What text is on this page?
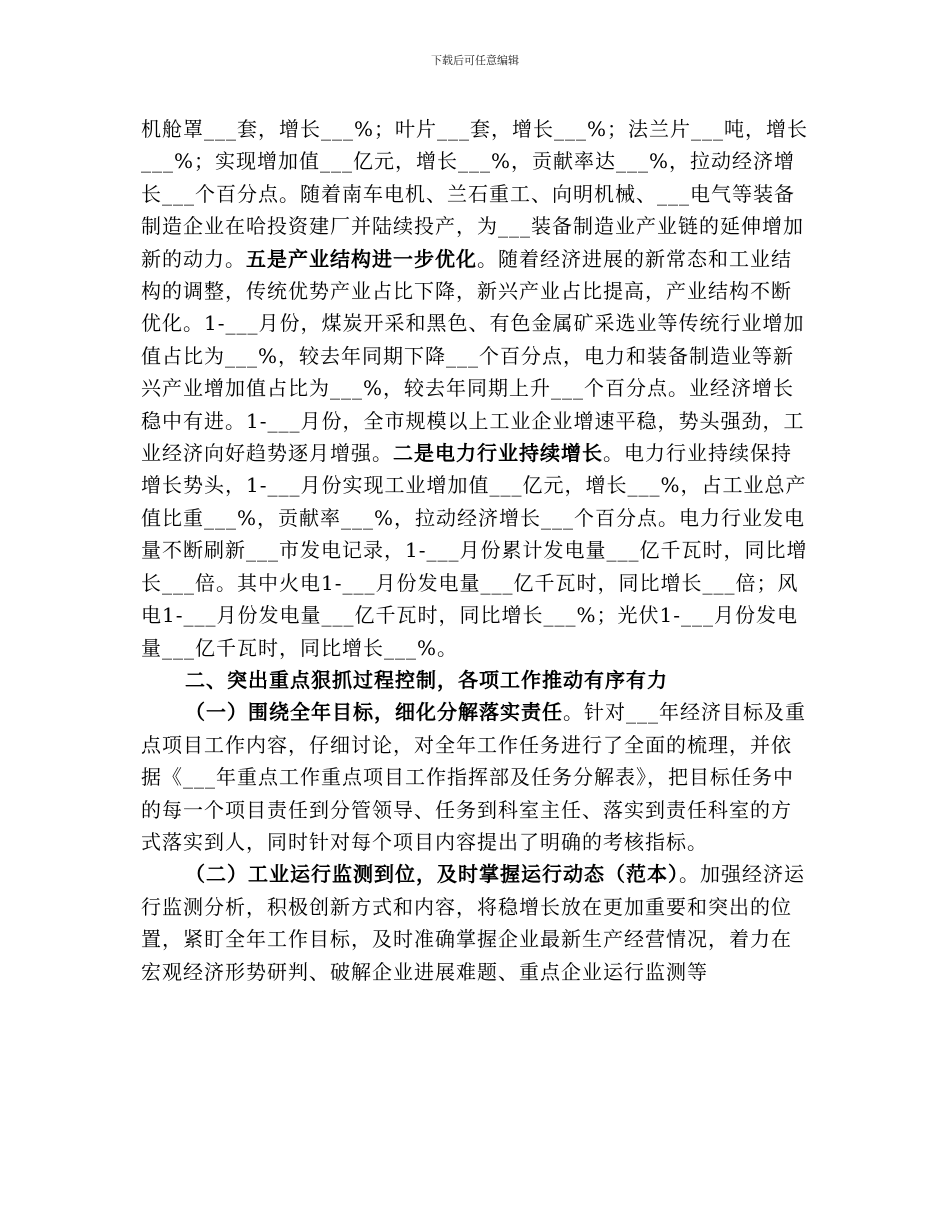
下载后可任意编辑

机舱罩___套，增长___%；叶片___套，增长___%；法兰片___吨，增长___%；实现增加值___亿元，增长___%，贡献率达___%，拉动经济增长___个百分点。随着南车电机、兰石重工、向明机械、___电气等装备制造企业在哈投资建厂并陆续投产，为___装备制造业产业链的延伸增加新的动力。五是产业结构进一步优化。随着经济进展的新常态和工业结构的调整，传统优势产业占比下降，新兴产业占比提高，产业结构不断优化。1-___月份，煤炭开采和黑色、有色金属矿采选业等传统行业增加值占比为___%，较去年同期下降___个百分点，电力和装备制造业等新兴产业增加值占比为___%，较去年同期上升___个百分点。业经济增长稳中有进。1-___月份，全市规模以上工业企业增速平稳，势头强劲，工业经济向好趋势逐月增强。二是电力行业持续增长。电力行业持续保持增长势头，1-___月份实现工业增加值___亿元，增长___%，占工业总产值比重___%，贡献率___%，拉动经济增长___个百分点。电力行业发电量不断刷新___市发电记录，1-___月份累计发电量___亿千瓦时，同比增长___倍。其中火电1-___月份发电量___亿千瓦时，同比增长___倍；风电1-___月份发电量___亿千瓦时，同比增长___%；光伏1-___月份发电量___亿千瓦时，同比增长___%。

二、突出重点狠抓过程控制，各项工作推动有序有力

（一）围绕全年目标，细化分解落实责任。针对___年经济目标及重点项目工作内容，仔细讨论，对全年工作任务进行了全面的梳理，并依据《___年重点工作重点项目工作指挥部及任务分解表》，把目标任务中的每一个项目责任到分管领导、任务到科室主任、落实到责任科室的方式落实到人，同时针对每个项目内容提出了明确的考核指标。

（二）工业运行监测到位，及时掌握运行动态（范本）。加强经济运行监测分析，积极创新方式和内容，将稳增长放在更加重要和突出的位置，紧盯全年工作目标，及时准确掌握企业最新生产经营情况，着力在宏观经济形势研判、破解企业进展难题、重点企业运行监测等
